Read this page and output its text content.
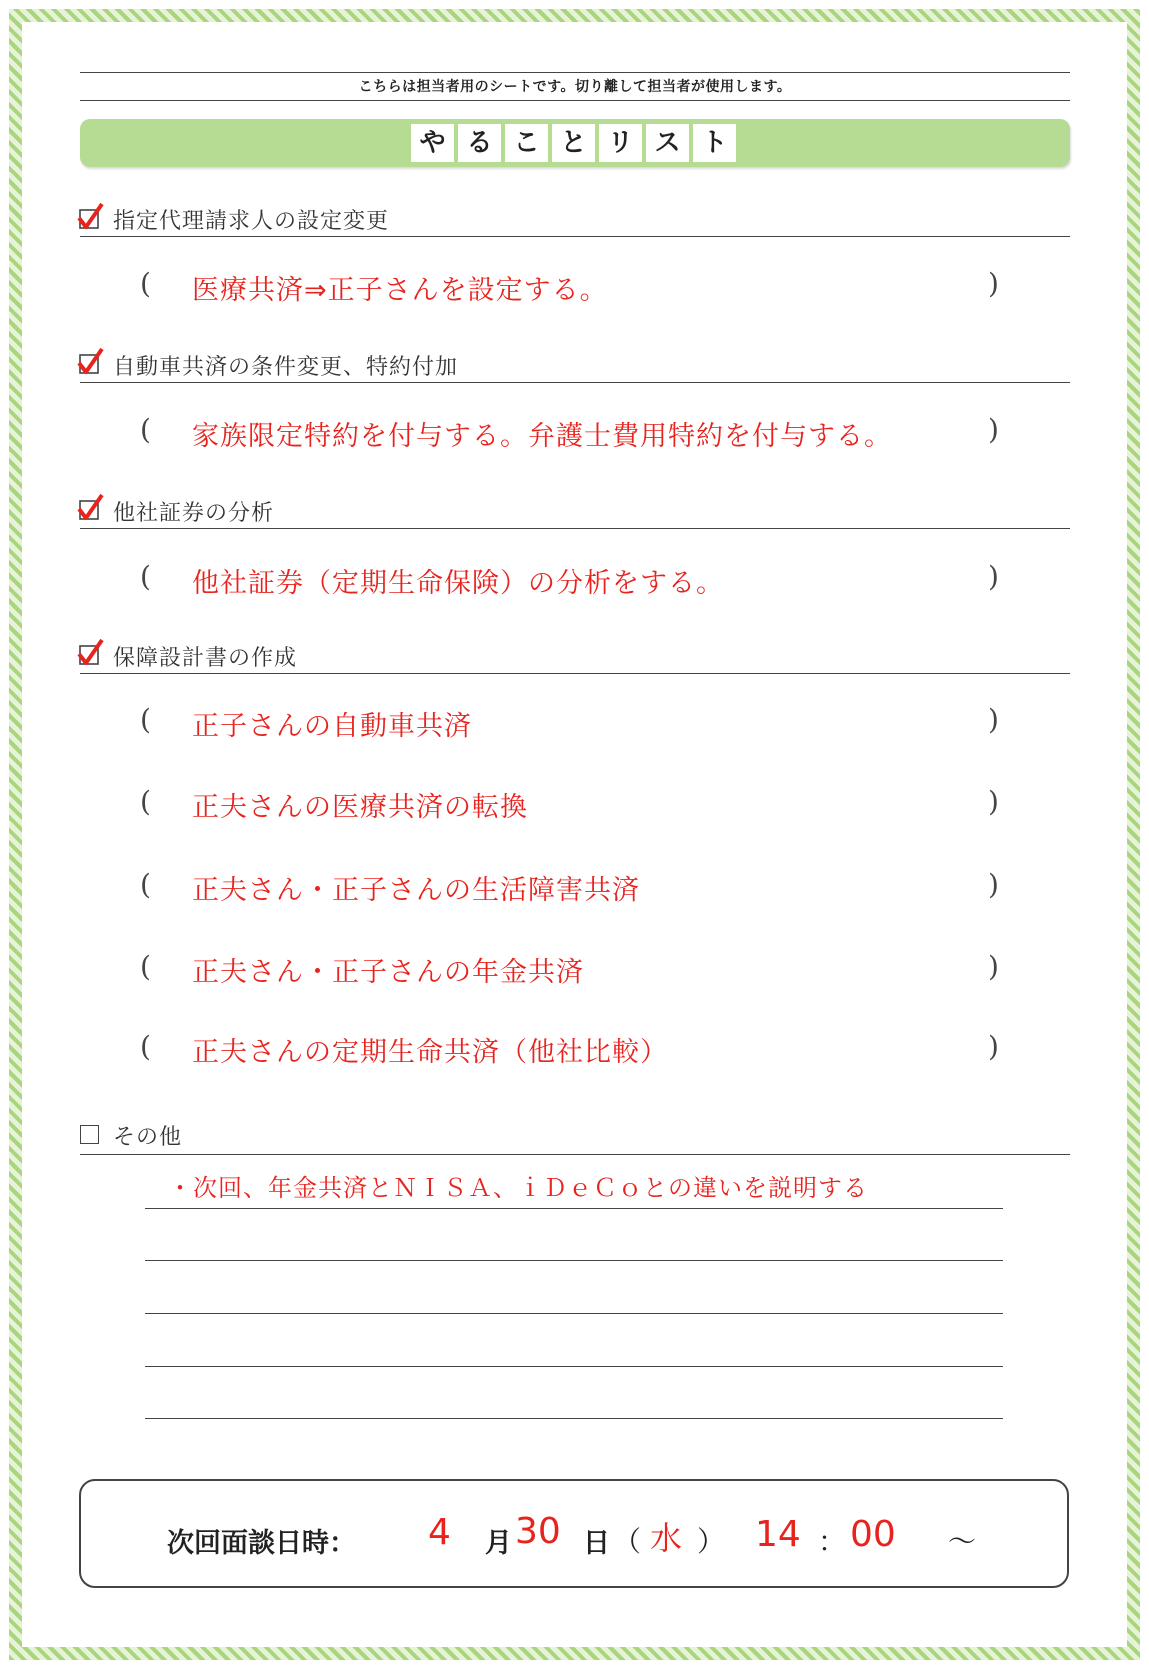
こちらは担当者用のシートです。切り離して担当者が使用します。
や る こ と リ ス ト
指定代理請求人の設定変更
( 医療共済⇒正子さんを設定する。	)
自動車共済の条件変更、特約付加
( 家族限定特約を付与する。弁護士費用特約を付与する。	)
他社証券の分析
( 他社証券（定期生命保険）の分析をする。	)
保障設計書の作成
( 正子さんの自動車共済	)
( 正夫さんの医療共済の転換	)
( 正夫さん・正子さんの生活障害共済	)
( 正夫さん・正子さんの年金共済	)
( 正夫さんの定期生命共済（他社比較）	)
その他
・次回、年金共済とＮＩＳＡ、ｉＤｅＣｏとの違いを説明する
次回面談日時： 4 月 30 日 （ 水 ） 14 ： 00 ～
